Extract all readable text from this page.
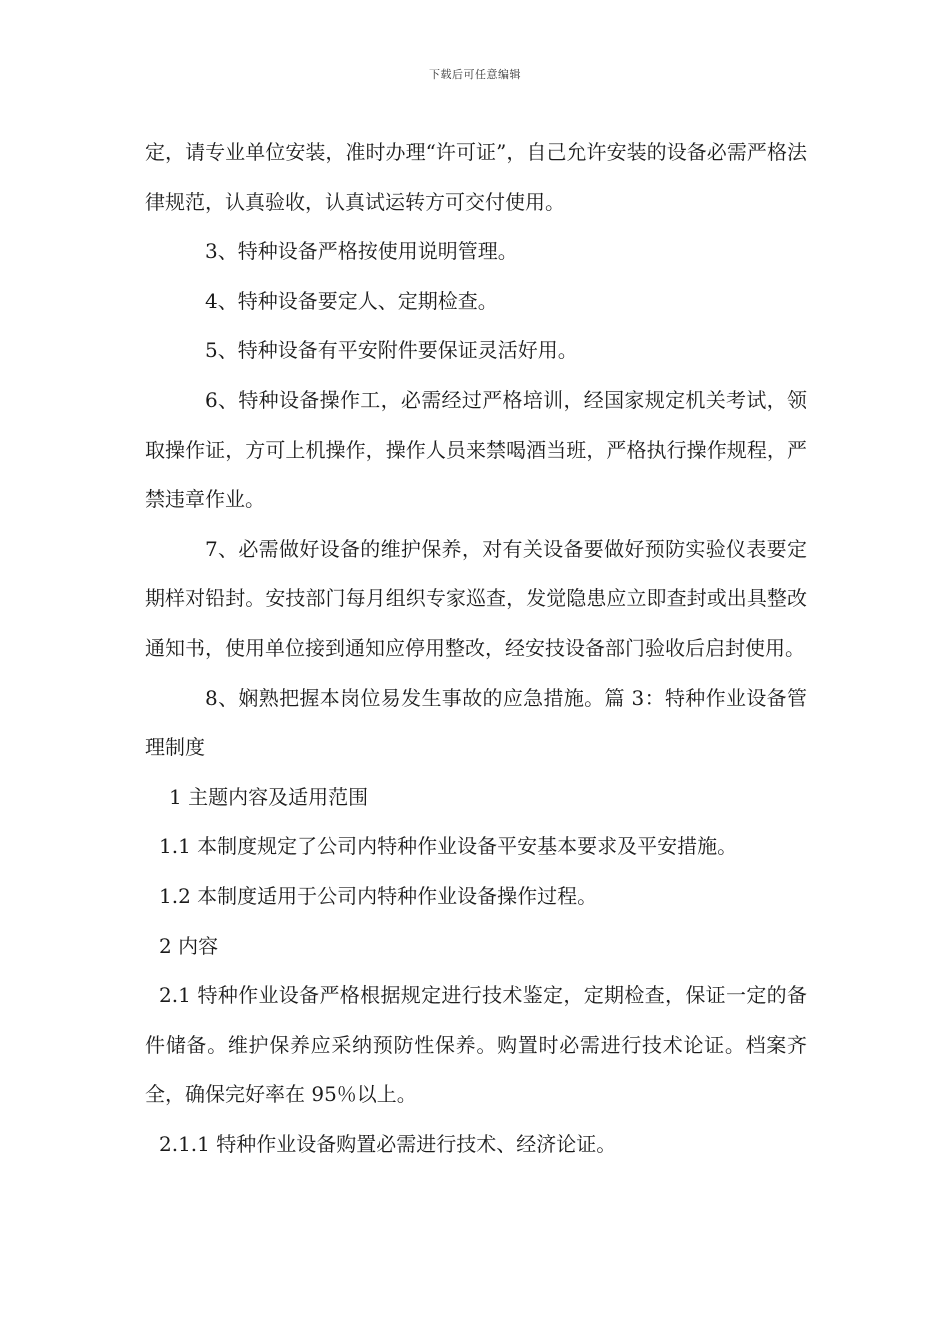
下载后可任意编辑

定，请专业单位安装，准时办理“许可证”，自己允许安装的设备必需严格法律规范，认真验收，认真试运转方可交付使用。

3、特种设备严格按使用说明管理。

4、特种设备要定人、定期检查。

5、特种设备有平安附件要保证灵活好用。

6、特种设备操作工，必需经过严格培训，经国家规定机关考试，领取操作证，方可上机操作，操作人员来禁喝酒当班，严格执行操作规程，严禁违章作业。

7、必需做好设备的维护保养，对有关设备要做好预防实验仪表要定期样对铅封。安技部门每月组织专家巡查，发觉隐患应立即查封或出具整改通知书，使用单位接到通知应停用整改，经安技设备部门验收后启封使用。

8、娴熟把握本岗位易发生事故的应急措施。篇 3：特种作业设备管理制度

1 主题内容及适用范围

1.1 本制度规定了公司内特种作业设备平安基本要求及平安措施。

1.2 本制度适用于公司内特种作业设备操作过程。

2 内容

2.1 特种作业设备严格根据规定进行技术鉴定，定期检查，保证一定的备件储备。维护保养应采纳预防性保养。购置时必需进行技术论证。档案齐全，确保完好率在 95％以上。

2.1.1 特种作业设备购置必需进行技术、经济论证。
